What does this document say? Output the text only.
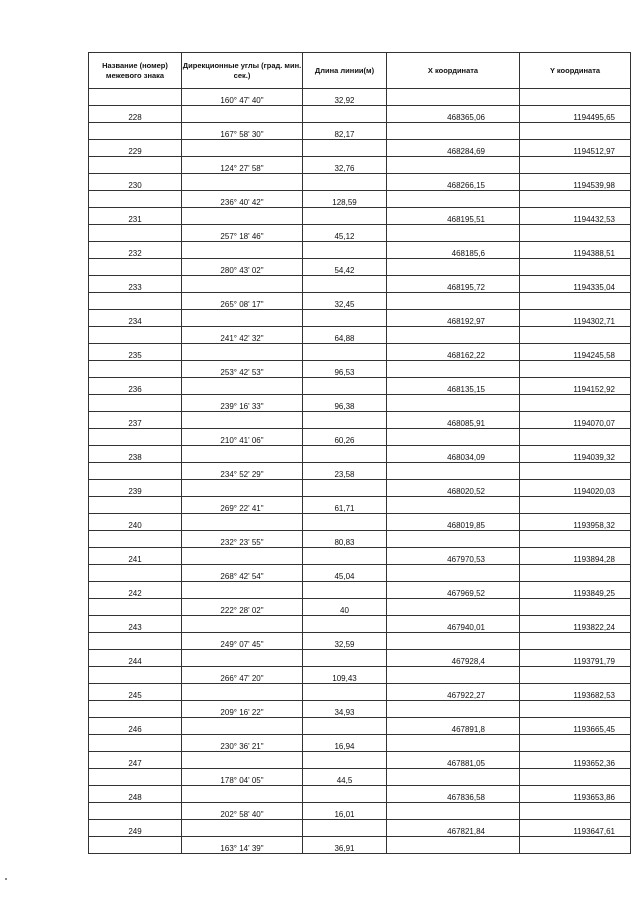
Название (номер) межевого знака	Дирекционные углы (град. мин. сек.)	Длина линии(м)	X координата	Y координата
	160° 47' 40"	32,92		
228			468365,06	1194495,65
	167° 58' 30"	82,17		
229			468284,69	1194512,97
	124° 27' 58"	32,76		
230			468266,15	1194539,98
	236° 40' 42"	128,59		
231			468195,51	1194432,53
	257° 18' 46"	45,12		
232			468185,6	1194388,51
	280° 43' 02"	54,42		
233			468195,72	1194335,04
	265° 08' 17"	32,45		
234			468192,97	1194302,71
	241° 42' 32"	64,88		
235			468162,22	1194245,58
	253° 42' 53"	96,53		
236			468135,15	1194152,92
	239° 16' 33"	96,38		
237			468085,91	1194070,07
	210° 41' 06"	60,26		
238			468034,09	1194039,32
	234° 52' 29"	23,58		
239			468020,52	1194020,03
	269° 22' 41"	61,71		
240			468019,85	1193958,32
	232° 23' 55"	80,83		
241			467970,53	1193894,28
	268° 42' 54"	45,04		
242			467969,52	1193849,25
	222° 28' 02"	40		
243			467940,01	1193822,24
	249° 07' 45"	32,59		
244			467928,4	1193791,79
	266° 47' 20"	109,43		
245			467922,27	1193682,53
	209° 16' 22"	34,93		
246			467891,8	1193665,45
	230° 36' 21"	16,94		
247			467881,05	1193652,36
	178° 04' 05"	44,5		
248			467836,58	1193653,86
	202° 58' 40"	16,01		
249			467821,84	1193647,61
	163° 14' 39"	36,91		
